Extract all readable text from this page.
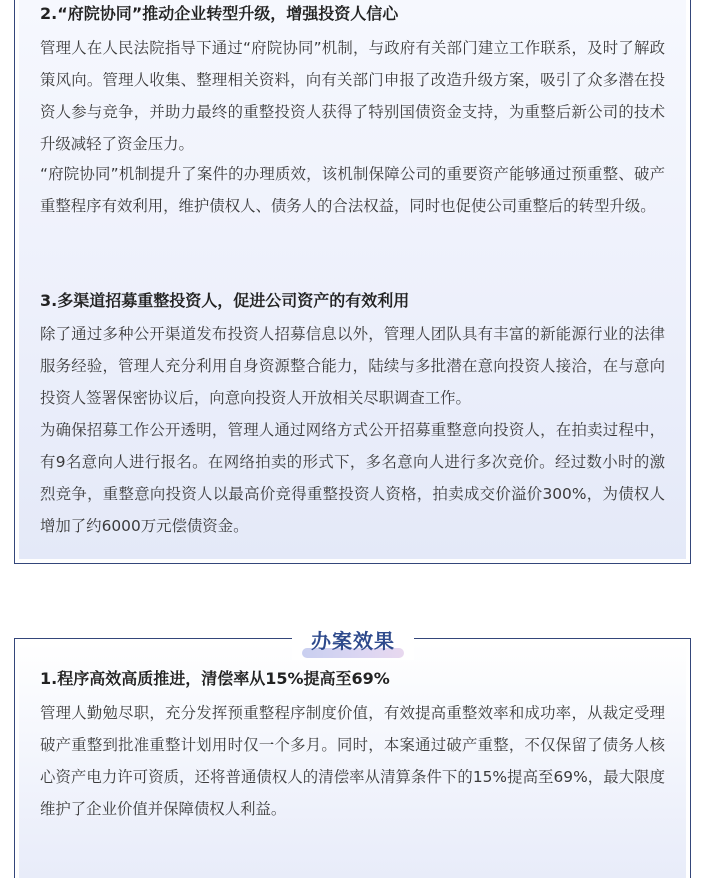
2.“府院协同”推动企业转型升级，增强投资人信心

管理人在人民法院指导下通过“府院协同”机制，与政府有关部门建立工作联系，及时了解政策风向。管理人收集、整理相关资料，向有关部门申报了改造升级方案，吸引了众多潜在投资人参与竞争，并助力最终的重整投资人获得了特别国债资金支持，为重整后新公司的技术升级减轻了资金压力。

“府院协同”机制提升了案件的办理质效，该机制保障公司的重要资产能够通过预重整、破产重整程序有效利用，维护债权人、债务人的合法权益，同时也促使公司重整后的转型升级。

3.多渠道招募重整投资人，促进公司资产的有效利用

除了通过多种公开渠道发布投资人招募信息以外，管理人团队具有丰富的新能源行业的法律服务经验，管理人充分利用自身资源整合能力，陆续与多批潜在意向投资人接洽，在与意向投资人签署保密协议后，向意向投资人开放相关尽职调查工作。

为确保招募工作公开透明，管理人通过网络方式公开招募重整意向投资人，在拍卖过程中，有9名意向人进行报名。在网络拍卖的形式下，多名意向人进行多次竞价。经过数小时的激烈竞争，重整意向投资人以最高价竞得重整投资人资格，拍卖成交价溢价300%，为债权人增加了约6000万元偿债资金。

办案效果
1.程序高效高质推进，清偿率从15%提高至69%

管理人勤勉尽职，充分发挥预重整程序制度价值，有效提高重整效率和成功率，从裁定受理破产重整到批准重整计划用时仅一个多月。同时，本案通过破产重整，不仅保留了债务人核心资产电力许可资质，还将普通债权人的清偿率从清算条件下的15%提高至69%，最大限度维护了企业价值并保障债权人利益。
